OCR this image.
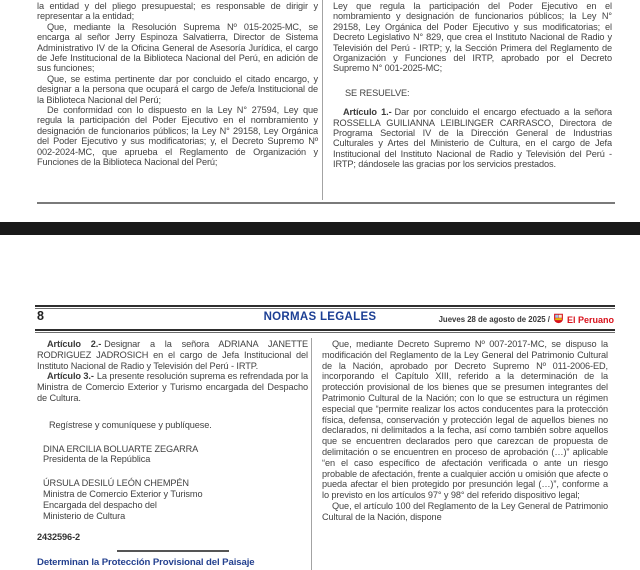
la entidad y del pliego presupuestal; es responsable de dirigir y representar a la entidad;

Que, mediante la Resolución Suprema Nº 015-2025-MC, se encarga al señor Jerry Espinoza Salvatierra, Director de Sistema Administrativo IV de la Oficina General de Asesoría Jurídica, el cargo de Jefe Institucional de la Biblioteca Nacional del Perú, en adición de sus funciones;

Que, se estima pertinente dar por concluido el citado encargo, y designar a la persona que ocupará el cargo de Jefe/a Institucional de la Biblioteca Nacional del Perú;

De conformidad con lo dispuesto en la Ley N° 27594, Ley que regula la participación del Poder Ejecutivo en el nombramiento y designación de funcionarios públicos; la Ley N° 29158, Ley Orgánica del Poder Ejecutivo y sus modificatorias; y, el Decreto Supremo Nº 002-2024-MC, que aprueba el Reglamento de Organización y Funciones de la Biblioteca Nacional del Perú;

Ley que regula la participación del Poder Ejecutivo en el nombramiento y designación de funcionarios públicos; la Ley N° 29158, Ley Orgánica del Poder Ejecutivo y sus modificatorias; el Decreto Legislativo N° 829, que crea el Instituto Nacional de Radio y Televisión del Perú - IRTP; y, la Sección Primera del Reglamento de Organización y Funciones del IRTP, aprobado por el Decreto Supremo N° 001-2025-MC;

SE RESUELVE:

Artículo 1.- Dar por concluido el encargo efectuado a la señora ROSSELLA GUILIANNA LEIBLINGER CARRASCO, Directora de Programa Sectorial IV de la Dirección General de Industrias Culturales y Artes del Ministerio de Cultura, en el cargo de Jefa Institucional del Instituto Nacional de Radio y Televisión del Perú - IRTP; dándosele las gracias por los servicios prestados.

8	NORMAS LEGALES	Jueves 28 de agosto de 2025 / El Peruano

Artículo 2.- Designar a la señora ADRIANA JANETTE RODRIGUEZ JADROSICH en el cargo de Jefa Institucional del Instituto Nacional de Radio y Televisión del Perú - IRTP.

Artículo 3.- La presente resolución suprema es refrendada por la Ministra de Comercio Exterior y Turismo encargada del Despacho de Cultura.

Regístrese y comuníquese y publíquese.

DINA ERCILIA BOLUARTE ZEGARRA

Presidenta de la República

ÚRSULA DESILÚ LEÓN CHEMPÉN

Ministra de Comercio Exterior y Turismo

Encargada del despacho del

Ministerio de Cultura

2432596-2

Determinan la Protección Provisional del Paisaje

Que, mediante Decreto Supremo Nº 007-2017-MC, se dispuso la modificación del Reglamento de la Ley General del Patrimonio Cultural de la Nación, aprobado por Decreto Supremo Nº 011-2006-ED, incorporando el Capítulo XIII, referido a la determinación de la protección provisional de los bienes que se presumen integrantes del Patrimonio Cultural de la Nación; con lo que se estructura un régimen especial que “permite realizar los actos conducentes para la protección física, defensa, conservación y protección legal de aquellos bienes no declarados, ni delimitados a la fecha, así como también sobre aquellos que se encuentren declarados pero que carezcan de propuesta de delimitación o se encuentren en proceso de aprobación (…)” aplicable “en el caso específico de afectación verificada o ante un riesgo probable de afectación, frente a cualquier acción u omisión que afecte o pueda afectar el bien protegido por presunción legal (…)”, conforme a lo previsto en los artículos 97° y 98° del referido dispositivo legal;

Que, el artículo 100 del Reglamento de la Ley General de Patrimonio Cultural de la Nación, dispone
